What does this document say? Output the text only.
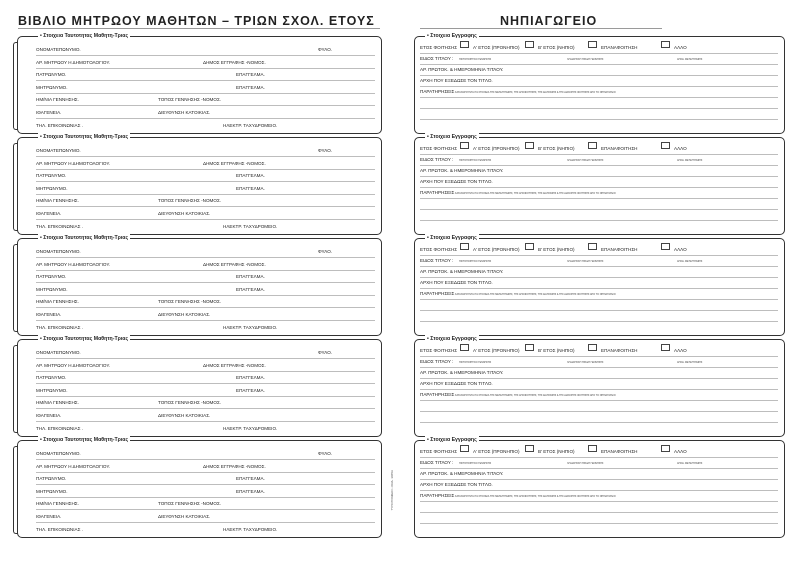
ΒΙΒΛΙΟ ΜΗΤΡΩΟΥ ΜΑΘΗΤΩΝ – ΤΡΙΩΝ ΣΧΟΛ. ΕΤΟΥΣ	ΝΗΠΙΑΓΩΓΕΙΟ
• Στοιχεια Ταυτοτητας Μαθητη-Τριας
ΟΝΟΜΑΤΕΠΩΝΥΜΟ.	ΦΥΛΟ.
ΑΡ. ΜΗΤΡΩΟΥ Η ΔΗΜΟΤΟΛΟΓΙΟΥ.	ΔΗΜΟΣ ΕΓΓΡΑΦΗΣ -ΝΟΜΟΣ.
ΠΑΤΡΩΝΥΜΟ.	ΕΠΑΓΓΕΛΜΑ.
ΜΗΤΡΩΝΥΜΟ.	ΕΠΑΓΓΕΛΜΑ.
ΗΜ/ΝΙΑ ΓΕΝΝΗΣΗΣ.	ΤΟΠΟΣ ΓΕΝΝΗΣΗΣ -ΝΟΜΟΣ.
ΙΘΑΓΕΝΕΙΑ.	ΔΙΕΥΘΥΝΣΗ ΚΑΤΟΙΚΙΑΣ.
ΤΗΛ. ΕΠΙΚΟΙΝΩΝΙΑΣ .	ΗΛΕΚΤΡ. ΤΑΧΥΔΡΟΜΕΙΟ.
• Στοιχεια Ταυτοτητας Μαθητη-Τριας
ΟΝΟΜΑΤΕΠΩΝΥΜΟ.	ΦΥΛΟ.
ΑΡ. ΜΗΤΡΩΟΥ Η ΔΗΜΟΤΟΛΟΓΙΟΥ.	ΔΗΜΟΣ ΕΓΓΡΑΦΗΣ -ΝΟΜΟΣ.
ΠΑΤΡΩΝΥΜΟ.	ΕΠΑΓΓΕΛΜΑ.
ΜΗΤΡΩΝΥΜΟ.	ΕΠΑΓΓΕΛΜΑ.
ΗΜ/ΝΙΑ ΓΕΝΝΗΣΗΣ.	ΤΟΠΟΣ ΓΕΝΝΗΣΗΣ -ΝΟΜΟΣ.
ΙΘΑΓΕΝΕΙΑ.	ΔΙΕΥΘΥΝΣΗ ΚΑΤΟΙΚΙΑΣ.
ΤΗΛ. ΕΠΙΚΟΙΝΩΝΙΑΣ .	ΗΛΕΚΤΡ. ΤΑΧΥΔΡΟΜΕΙΟ.
• Στοιχεια Ταυτοτητας Μαθητη-Τριας
ΟΝΟΜΑΤΕΠΩΝΥΜΟ.	ΦΥΛΟ.
ΑΡ. ΜΗΤΡΩΟΥ Η ΔΗΜΟΤΟΛΟΓΙΟΥ.	ΔΗΜΟΣ ΕΓΓΡΑΦΗΣ -ΝΟΜΟΣ.
ΠΑΤΡΩΝΥΜΟ.	ΕΠΑΓΓΕΛΜΑ.
ΜΗΤΡΩΝΥΜΟ.	ΕΠΑΓΓΕΛΜΑ.
ΗΜ/ΝΙΑ ΓΕΝΝΗΣΗΣ.	ΤΟΠΟΣ ΓΕΝΝΗΣΗΣ -ΝΟΜΟΣ.
ΙΘΑΓΕΝΕΙΑ.	ΔΙΕΥΘΥΝΣΗ ΚΑΤΟΙΚΙΑΣ.
ΤΗΛ. ΕΠΙΚΟΙΝΩΝΙΑΣ .	ΗΛΕΚΤΡ. ΤΑΧΥΔΡΟΜΕΙΟ.
• Στοιχεια Ταυτοτητας Μαθητη-Τριας
ΟΝΟΜΑΤΕΠΩΝΥΜΟ.	ΦΥΛΟ.
ΑΡ. ΜΗΤΡΩΟΥ Η ΔΗΜΟΤΟΛΟΓΙΟΥ.	ΔΗΜΟΣ ΕΓΓΡΑΦΗΣ -ΝΟΜΟΣ.
ΠΑΤΡΩΝΥΜΟ.	ΕΠΑΓΓΕΛΜΑ.
ΜΗΤΡΩΝΥΜΟ.	ΕΠΑΓΓΕΛΜΑ.
ΗΜ/ΝΙΑ ΓΕΝΝΗΣΗΣ.	ΤΟΠΟΣ ΓΕΝΝΗΣΗΣ -ΝΟΜΟΣ.
ΙΘΑΓΕΝΕΙΑ.	ΔΙΕΥΘΥΝΣΗ ΚΑΤΟΙΚΙΑΣ.
ΤΗΛ. ΕΠΙΚΟΙΝΩΝΙΑΣ .	ΗΛΕΚΤΡ. ΤΑΧΥΔΡΟΜΕΙΟ.
• Στοιχεια Ταυτοτητας Μαθητη-Τριας
ΟΝΟΜΑΤΕΠΩΝΥΜΟ.	ΦΥΛΟ.
ΑΡ. ΜΗΤΡΩΟΥ Η ΔΗΜΟΤΟΛΟΓΙΟΥ.	ΔΗΜΟΣ ΕΓΓΡΑΦΗΣ -ΝΟΜΟΣ.
ΠΑΤΡΩΝΥΜΟ.	ΕΠΑΓΓΕΛΜΑ.
ΜΗΤΡΩΝΥΜΟ.	ΕΠΑΓΓΕΛΜΑ.
ΗΜ/ΝΙΑ ΓΕΝΝΗΣΗΣ.	ΤΟΠΟΣ ΓΕΝΝΗΣΗΣ -ΝΟΜΟΣ.
ΙΘΑΓΕΝΕΙΑ.	ΔΙΕΥΘΥΝΣΗ ΚΑΤΟΙΚΙΑΣ.
ΤΗΛ. ΕΠΙΚΟΙΝΩΝΙΑΣ .	ΗΛΕΚΤΡ. ΤΑΧΥΔΡΟΜΕΙΟ.
• Στοιχεια Εγγραφης
ΕΤΟΣ ΦΟΙΤΗΣΗΣ	Α' ΕΤΟΣ (ΠΡΟΝΗΠΙΟ)	Β' ΕΤΟΣ (ΝΗΠΙΟ)	ΕΠΑΝΑΦΟΙΤΗΣΗ	ΑΛΛΟ
ΕΙΔΟΣ ΤΙΤΛΟΥ : ΠΙΣΤΟΠΟΙΗΤΙΚΟ ΓΕΝΝΗΣΗΣ	ΛΗΞΙΑΡΧΙΚΗ ΠΡΑΞΗ ΓΕΝΝΗΣΗΣ	ΑΠΟΔ. ΜΕΤΕΓΓΡΑΦΗΣ
ΑΡ. ΠΡΩΤΟΚ. & ΗΜΕΡΟΜΗΝΙΑ ΤΙΤΛΟΥ.
ΑΡΧΗ ΠΟΥ ΕΞΕΔΩΣΕ ΤΟΝ ΤΙΤΛΟ.
ΠΑΡΑΤΗΡΗΣΕΙΣ ΚΑΤΑΧΩΡΟΥΝΤΑΙ ΤΑ ΣΤΟΙΧΕΙΑ ΤΗΣ ΜΕΤΕΓΓΡΑΦΗΣ, ΤΗΣ ΑΠΟΦΟΙΤΗΣΗΣ, ΤΗΣ ΔΙΑΓΡΑΦΗΣ & ΤΗΣ ΔΙΑΚΟΠΗΣ ΦΟΙΤΗΣΗΣ ΑΠΟ ΤΟ ΝΗΠΙΑΓΩΓΕΙΟ
• Στοιχεια Εγγραφης
ΕΤΟΣ ΦΟΙΤΗΣΗΣ	Α' ΕΤΟΣ (ΠΡΟΝΗΠΙΟ)	Β' ΕΤΟΣ (ΝΗΠΙΟ)	ΕΠΑΝΑΦΟΙΤΗΣΗ	ΑΛΛΟ
ΕΙΔΟΣ ΤΙΤΛΟΥ : ΠΙΣΤΟΠΟΙΗΤΙΚΟ ΓΕΝΝΗΣΗΣ	ΛΗΞΙΑΡΧΙΚΗ ΠΡΑΞΗ ΓΕΝΝΗΣΗΣ	ΑΠΟΔ. ΜΕΤΕΓΓΡΑΦΗΣ
ΑΡ. ΠΡΩΤΟΚ. & ΗΜΕΡΟΜΗΝΙΑ ΤΙΤΛΟΥ.
ΑΡΧΗ ΠΟΥ ΕΞΕΔΩΣΕ ΤΟΝ ΤΙΤΛΟ.
ΠΑΡΑΤΗΡΗΣΕΙΣ ΚΑΤΑΧΩΡΟΥΝΤΑΙ ΤΑ ΣΤΟΙΧΕΙΑ ΤΗΣ ΜΕΤΕΓΓΡΑΦΗΣ, ΤΗΣ ΑΠΟΦΟΙΤΗΣΗΣ, ΤΗΣ ΔΙΑΓΡΑΦΗΣ & ΤΗΣ ΔΙΑΚΟΠΗΣ ΦΟΙΤΗΣΗΣ ΑΠΟ ΤΟ ΝΗΠΙΑΓΩΓΕΙΟ
• Στοιχεια Εγγραφης
ΕΤΟΣ ΦΟΙΤΗΣΗΣ	Α' ΕΤΟΣ (ΠΡΟΝΗΠΙΟ)	Β' ΕΤΟΣ (ΝΗΠΙΟ)	ΕΠΑΝΑΦΟΙΤΗΣΗ	ΑΛΛΟ
ΕΙΔΟΣ ΤΙΤΛΟΥ : ΠΙΣΤΟΠΟΙΗΤΙΚΟ ΓΕΝΝΗΣΗΣ	ΛΗΞΙΑΡΧΙΚΗ ΠΡΑΞΗ ΓΕΝΝΗΣΗΣ	ΑΠΟΔ. ΜΕΤΕΓΓΡΑΦΗΣ
ΑΡ. ΠΡΩΤΟΚ. & ΗΜΕΡΟΜΗΝΙΑ ΤΙΤΛΟΥ.
ΑΡΧΗ ΠΟΥ ΕΞΕΔΩΣΕ ΤΟΝ ΤΙΤΛΟ.
ΠΑΡΑΤΗΡΗΣΕΙΣ ΚΑΤΑΧΩΡΟΥΝΤΑΙ ΤΑ ΣΤΟΙΧΕΙΑ ΤΗΣ ΜΕΤΕΓΓΡΑΦΗΣ, ΤΗΣ ΑΠΟΦΟΙΤΗΣΗΣ, ΤΗΣ ΔΙΑΓΡΑΦΗΣ & ΤΗΣ ΔΙΑΚΟΠΗΣ ΦΟΙΤΗΣΗΣ ΑΠΟ ΤΟ ΝΗΠΙΑΓΩΓΕΙΟ
• Στοιχεια Εγγραφης
ΕΤΟΣ ΦΟΙΤΗΣΗΣ	Α' ΕΤΟΣ (ΠΡΟΝΗΠΙΟ)	Β' ΕΤΟΣ (ΝΗΠΙΟ)	ΕΠΑΝΑΦΟΙΤΗΣΗ	ΑΛΛΟ
ΕΙΔΟΣ ΤΙΤΛΟΥ : ΠΙΣΤΟΠΟΙΗΤΙΚΟ ΓΕΝΝΗΣΗΣ	ΛΗΞΙΑΡΧΙΚΗ ΠΡΑΞΗ ΓΕΝΝΗΣΗΣ	ΑΠΟΔ. ΜΕΤΕΓΓΡΑΦΗΣ
ΑΡ. ΠΡΩΤΟΚ. & ΗΜΕΡΟΜΗΝΙΑ ΤΙΤΛΟΥ.
ΑΡΧΗ ΠΟΥ ΕΞΕΔΩΣΕ ΤΟΝ ΤΙΤΛΟ.
ΠΑΡΑΤΗΡΗΣΕΙΣ ΚΑΤΑΧΩΡΟΥΝΤΑΙ ΤΑ ΣΤΟΙΧΕΙΑ ΤΗΣ ΜΕΤΕΓΓΡΑΦΗΣ, ΤΗΣ ΑΠΟΦΟΙΤΗΣΗΣ, ΤΗΣ ΔΙΑΓΡΑΦΗΣ & ΤΗΣ ΔΙΑΚΟΠΗΣ ΦΟΙΤΗΣΗΣ ΑΠΟ ΤΟ ΝΗΠΙΑΓΩΓΕΙΟ
• Στοιχεια Εγγραφης
ΕΤΟΣ ΦΟΙΤΗΣΗΣ	Α' ΕΤΟΣ (ΠΡΟΝΗΠΙΟ)	Β' ΕΤΟΣ (ΝΗΠΙΟ)	ΕΠΑΝΑΦΟΙΤΗΣΗ	ΑΛΛΟ
ΕΙΔΟΣ ΤΙΤΛΟΥ : ΠΙΣΤΟΠΟΙΗΤΙΚΟ ΓΕΝΝΗΣΗΣ	ΛΗΞΙΑΡΧΙΚΗ ΠΡΑΞΗ ΓΕΝΝΗΣΗΣ	ΑΠΟΔ. ΜΕΤΕΓΓΡΑΦΗΣ
ΑΡ. ΠΡΩΤΟΚ. & ΗΜΕΡΟΜΗΝΙΑ ΤΙΤΛΟΥ.
ΑΡΧΗ ΠΟΥ ΕΞΕΔΩΣΕ ΤΟΝ ΤΙΤΛΟ.
ΠΑΡΑΤΗΡΗΣΕΙΣ ΚΑΤΑΧΩΡΟΥΝΤΑΙ ΤΑ ΣΤΟΙΧΕΙΑ ΤΗΣ ΜΕΤΕΓΓΡΑΦΗΣ, ΤΗΣ ΑΠΟΦΟΙΤΗΣΗΣ, ΤΗΣ ΔΙΑΓΡΑΦΗΣ & ΤΗΣ ΔΙΑΚΟΠΗΣ ΦΟΙΤΗΣΗΣ ΑΠΟ ΤΟ ΝΗΠΙΑΓΩΓΕΙΟ
ΤΥΠΟΓΡΑΦΕΙΟ • ΚΩΔ. 3065A
